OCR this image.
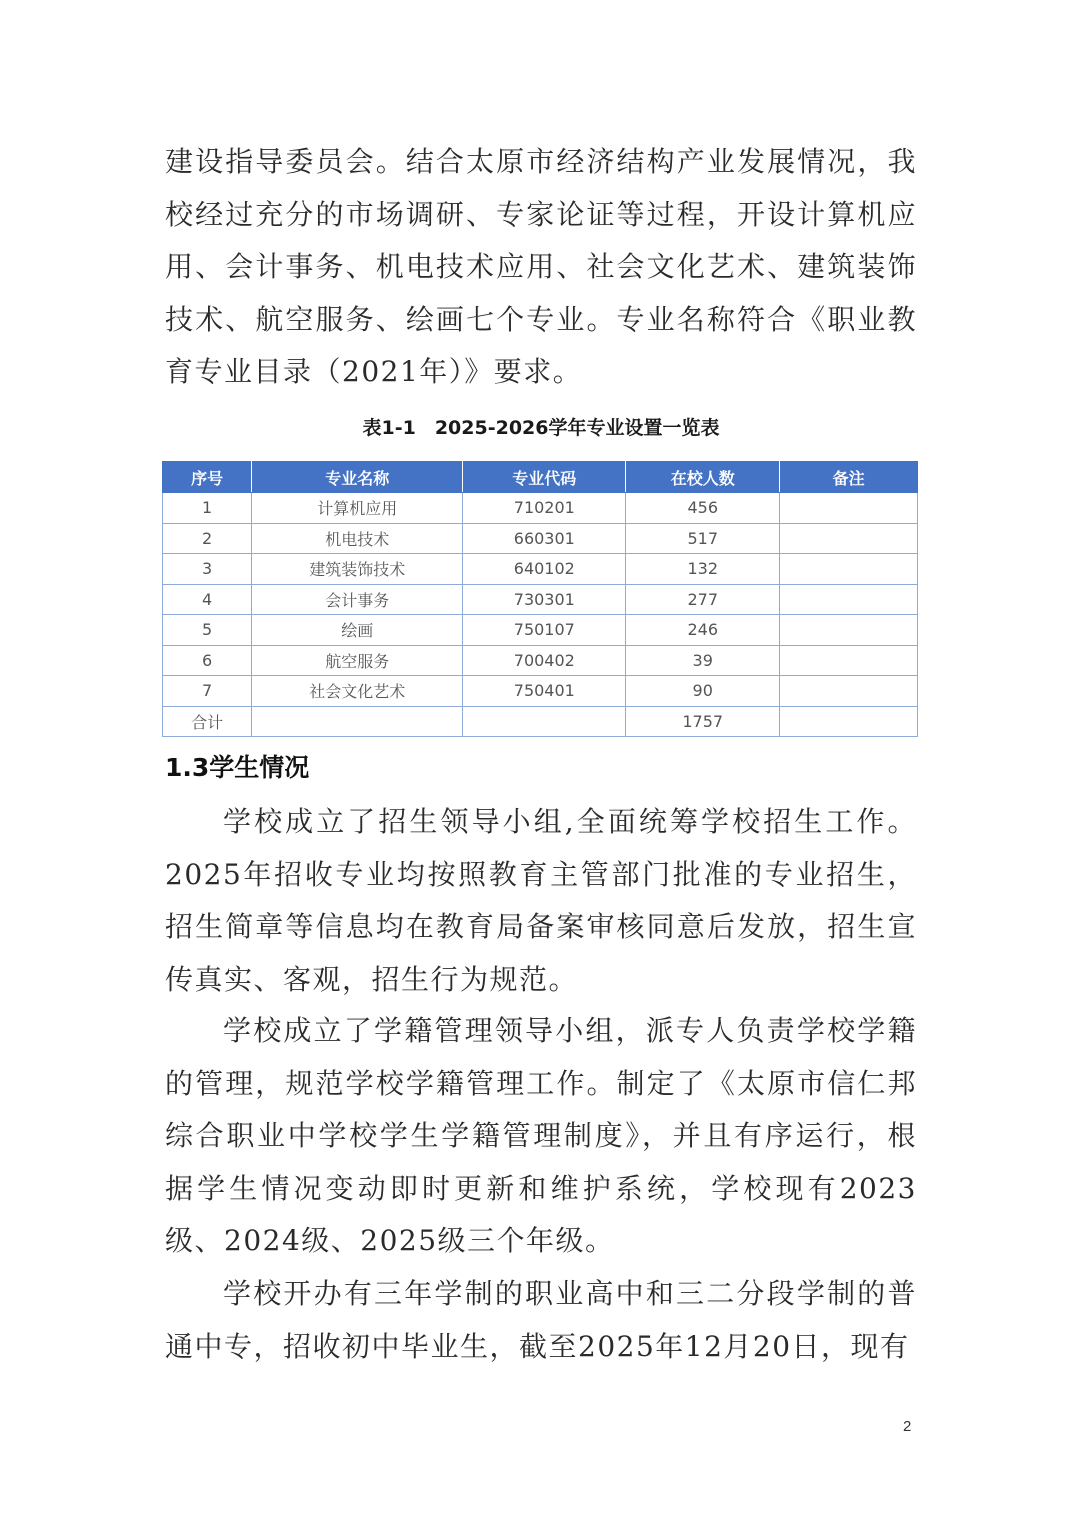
建设指导委员会。结合太原市经济结构产业发展情况，我校经过充分的市场调研、专家论证等过程，开设计算机应用、会计事务、机电技术应用、社会文化艺术、建筑装饰技术、航空服务、绘画七个专业。专业名称符合《职业教育专业目录（2021年）》要求。

表1-1　2025-2026学年专业设置一览表

序号	专业名称	专业代码	在校人数	备注
1	计算机应用	710201	456	
2	机电技术	660301	517	
3	建筑装饰技术	640102	132	
4	会计事务	730301	277	
5	绘画	750107	246	
6	航空服务	700402	39	
7	社会文化艺术	750401	90	
合计			1757	
1.3学生情况

学校成立了招生领导小组,全面统筹学校招生工作。2025年招收专业均按照教育主管部门批准的专业招生，招生简章等信息均在教育局备案审核同意后发放，招生宣传真实、客观，招生行为规范。

学校成立了学籍管理领导小组，派专人负责学校学籍的管理，规范学校学籍管理工作。制定了《太原市信仁邦综合职业中学校学生学籍管理制度》，并且有序运行，根据学生情况变动即时更新和维护系统，学校现有2023级、2024级、2025级三个年级。

学校开办有三年学制的职业高中和三二分段学制的普通中专，招收初中毕业生，截至2025年12月20日，现有

2
